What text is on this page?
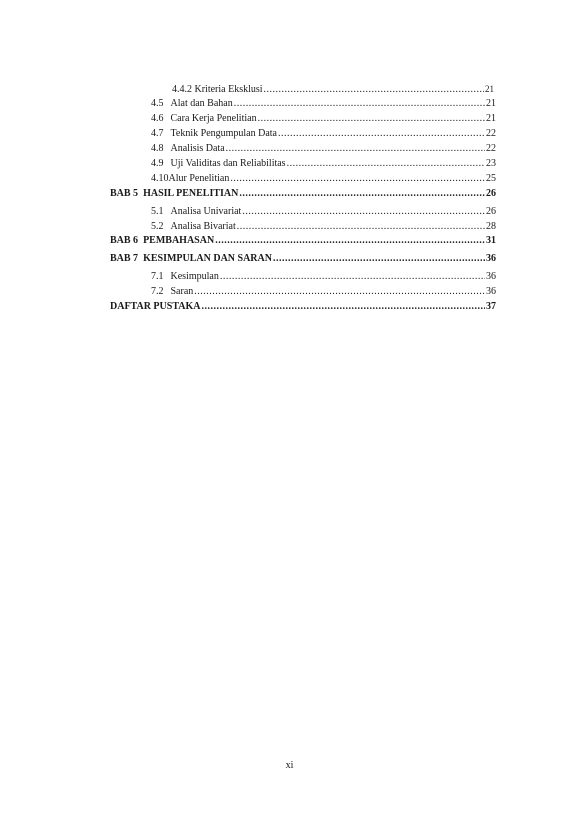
4.4.2 Kriteria Eksklusi .....	21
4.5 Alat dan Bahan .....	21
4.6 Cara Kerja Penelitian .....	21
4.7 Teknik Pengumpulan Data .....	22
4.8 Analisis Data .....	22
4.9 Uji Validitas dan Reliabilitas .....	23
4.10Alur Penelitian .....	25
BAB 5 HASIL PENELITIAN .....	26
5.1 Analisa Univariat .....	26
5.2 Analisa Bivariat .....	28
BAB 6 PEMBAHASAN .....	31
BAB 7 KESIMPULAN DAN SARAN .....	36
7.1 Kesimpulan .....	36
7.2 Saran .....	36
DAFTAR PUSTAKA .....	37
xi
